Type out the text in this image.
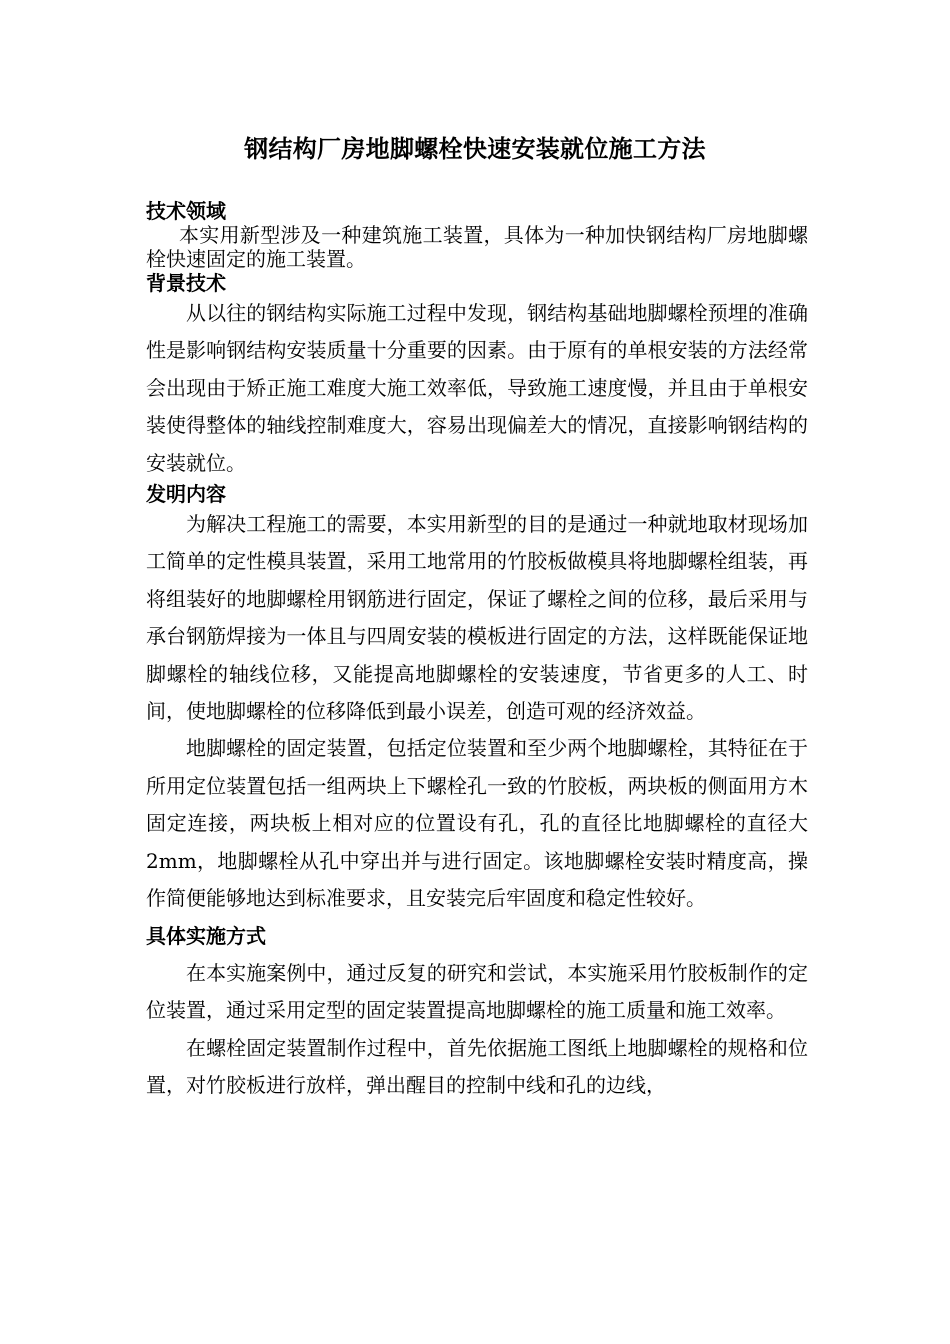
钢结构厂房地脚螺栓快速安装就位施工方法

技术领域

本实用新型涉及一种建筑施工装置，具体为一种加快钢结构厂房地脚螺栓快速固定的施工装置。

背景技术

从以往的钢结构实际施工过程中发现，钢结构基础地脚螺栓预埋的准确性是影响钢结构安装质量十分重要的因素。由于原有的单根安装的方法经常会出现由于矫正施工难度大施工效率低，导致施工速度慢，并且由于单根安装使得整体的轴线控制难度大，容易出现偏差大的情况，直接影响钢结构的安装就位。

发明内容

为解决工程施工的需要，本实用新型的目的是通过一种就地取材现场加工简单的定性模具装置，采用工地常用的竹胶板做模具将地脚螺栓组装，再将组装好的地脚螺栓用钢筋进行固定，保证了螺栓之间的位移，最后采用与承台钢筋焊接为一体且与四周安装的模板进行固定的方法，这样既能保证地脚螺栓的轴线位移，又能提高地脚螺栓的安装速度，节省更多的人工、时间，使地脚螺栓的位移降低到最小误差，创造可观的经济效益。

地脚螺栓的固定装置，包括定位装置和至少两个地脚螺栓，其特征在于所用定位装置包括一组两块上下螺栓孔一致的竹胶板，两块板的侧面用方木固定连接，两块板上相对应的位置设有孔，孔的直径比地脚螺栓的直径大2mm，地脚螺栓从孔中穿出并与进行固定。该地脚螺栓安装时精度高，操作简便能够地达到标准要求，且安装完后牢固度和稳定性较好。

具体实施方式

在本实施案例中，通过反复的研究和尝试，本实施采用竹胶板制作的定位装置，通过采用定型的固定装置提高地脚螺栓的施工质量和施工效率。

在螺栓固定装置制作过程中，首先依据施工图纸上地脚螺栓的规格和位置，对竹胶板进行放样，弹出醒目的控制中线和孔的边线，
